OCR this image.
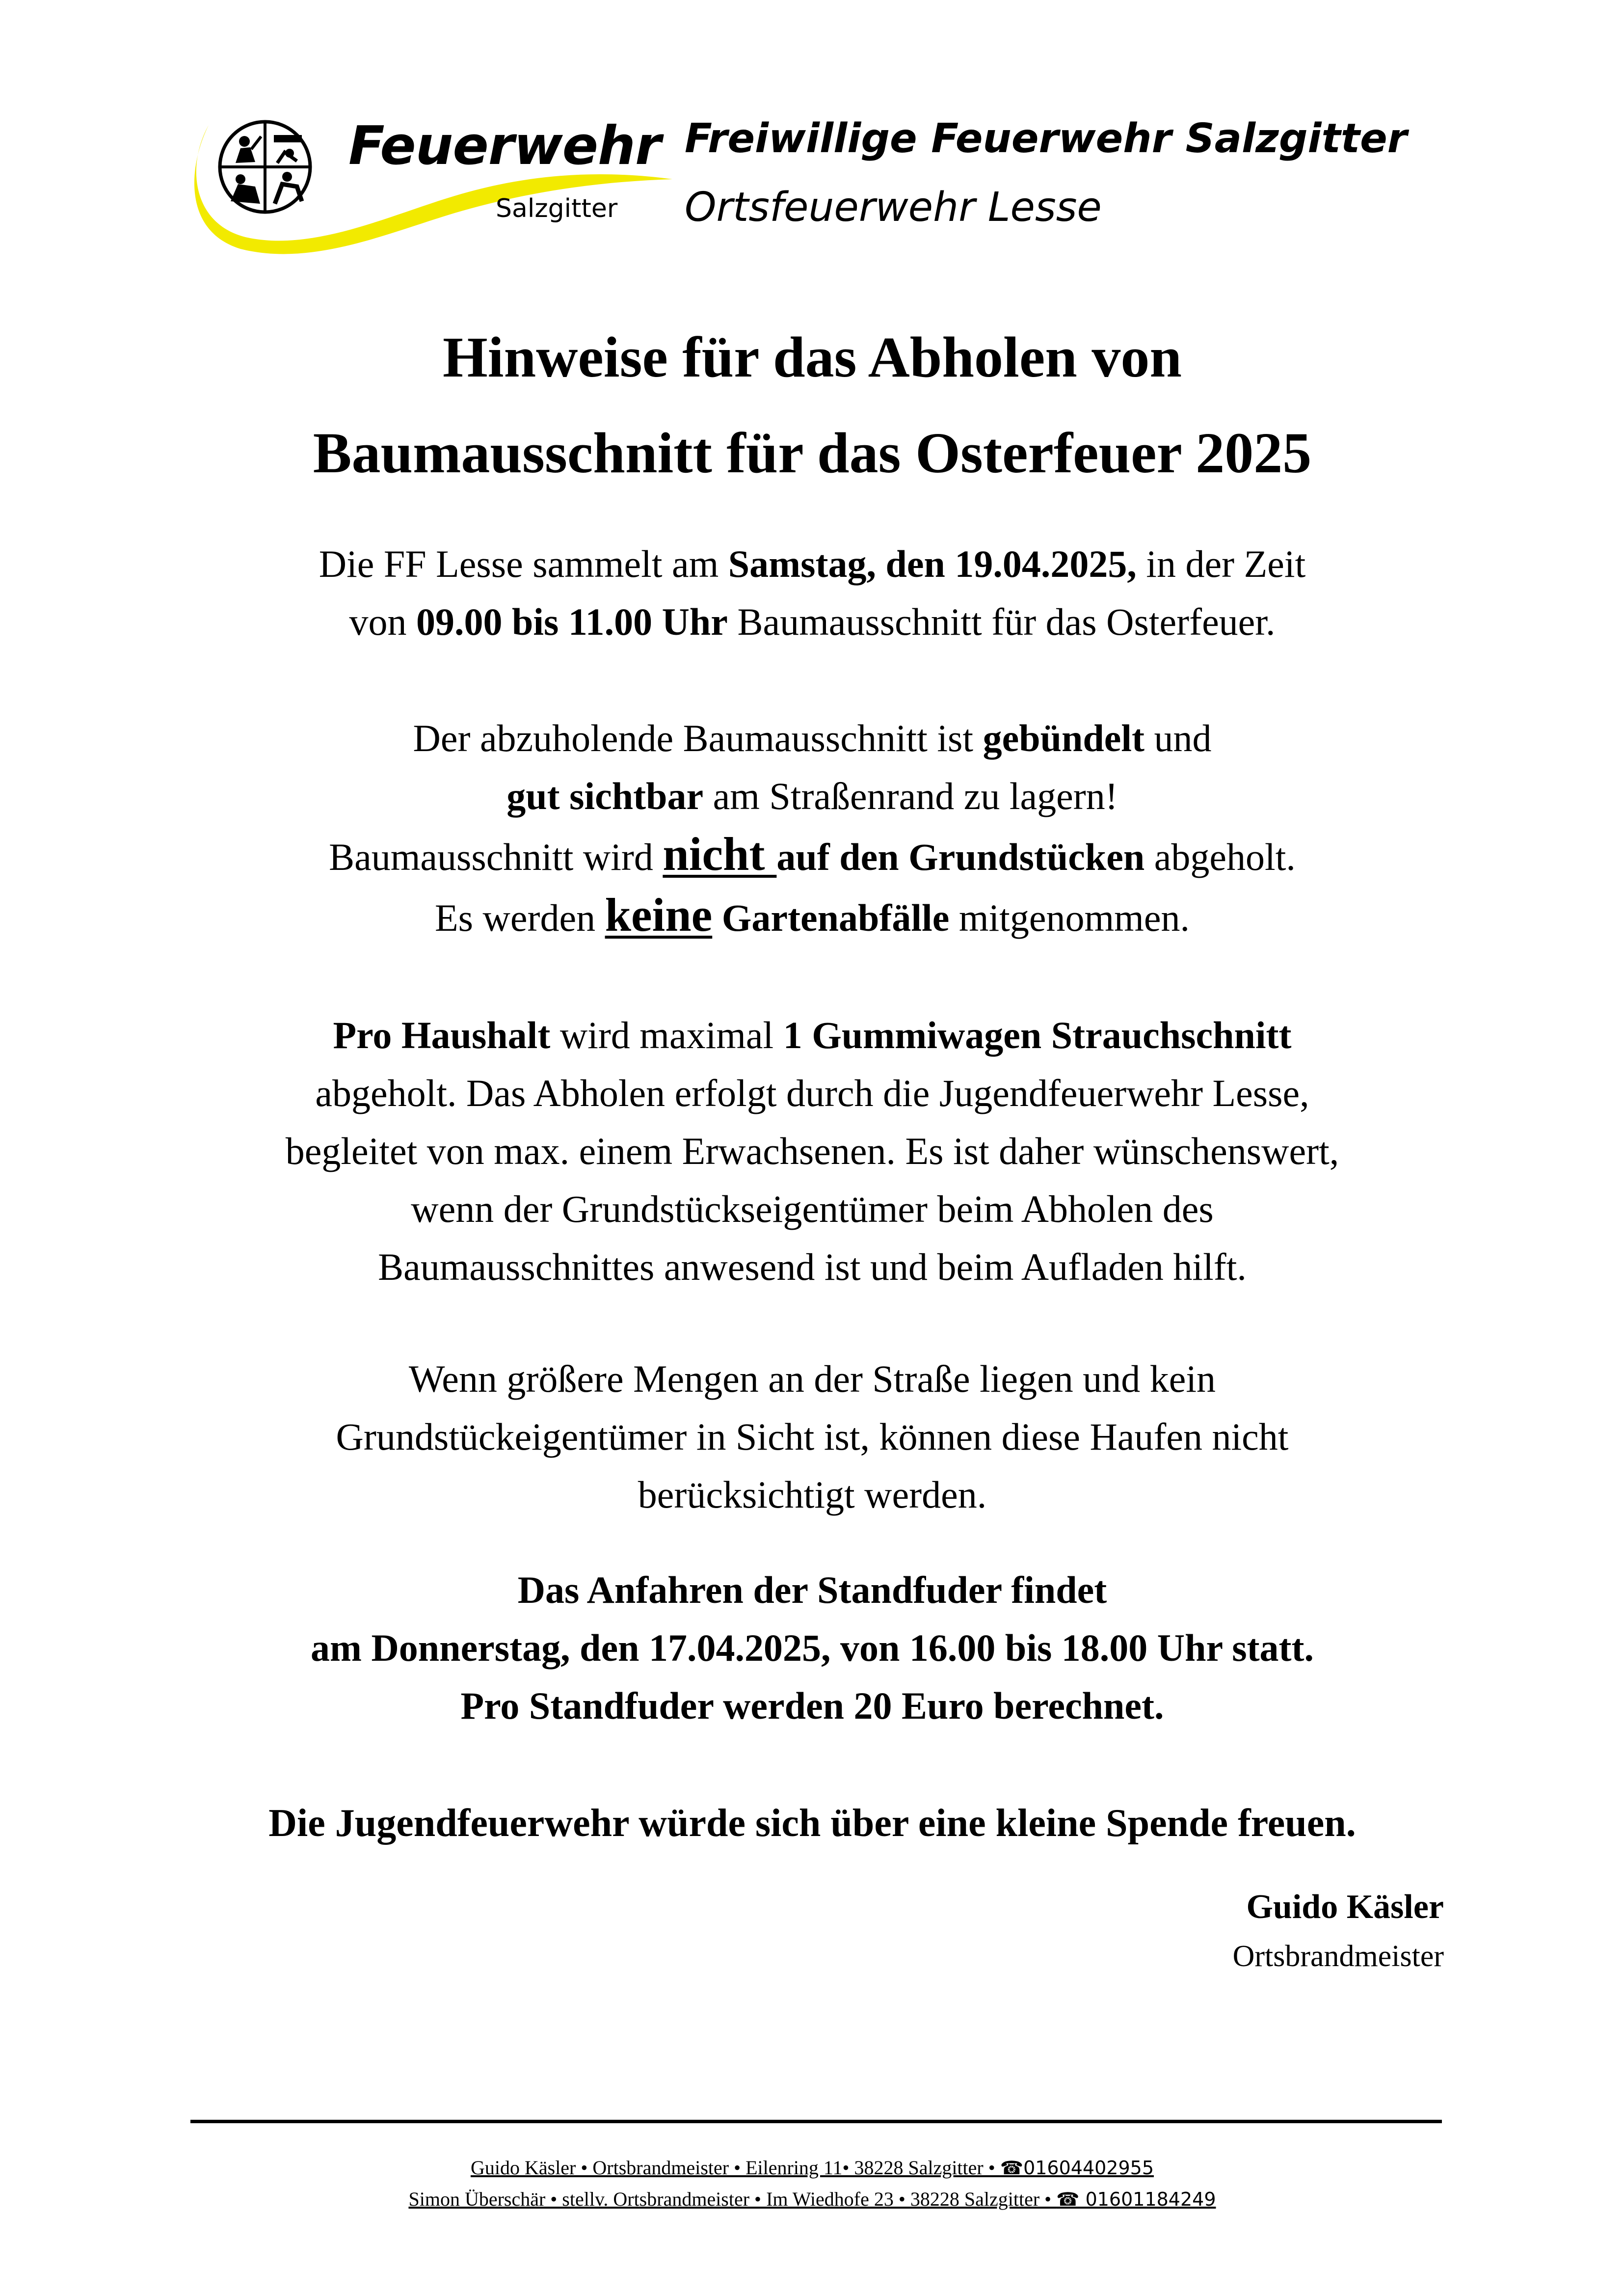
Feuerwehr
Salzgitter
Freiwillige Feuerwehr Salzgitter
Ortsfeuerwehr Lesse
Hinweise für das Abholen von
Baumausschnitt für das Osterfeuer 2025
Die FF Lesse sammelt am Samstag, den 19.04.2025, in der Zeit
von 09.00 bis 11.00 Uhr Baumausschnitt für das Osterfeuer.
Der abzuholende Baumausschnitt ist gebündelt und
gut sichtbar am Straßenrand zu lagern!
Baumausschnitt wird nicht auf den Grundstücken abgeholt.
Es werden keine Gartenabfälle mitgenommen.
Pro Haushalt wird maximal 1 Gummiwagen Strauchschnitt
abgeholt. Das Abholen erfolgt durch die Jugendfeuerwehr Lesse,
begleitet von max. einem Erwachsenen. Es ist daher wünschenswert,
wenn der Grundstückseigentümer beim Abholen des
Baumausschnittes anwesend ist und beim Aufladen hilft.
Wenn größere Mengen an der Straße liegen und kein
Grundstückeigentümer in Sicht ist, können diese Haufen nicht
berücksichtigt werden.
Das Anfahren der Standfuder findet
am Donnerstag, den 17.04.2025, von 16.00 bis 18.00 Uhr statt.
Pro Standfuder werden 20 Euro berechnet.
Die Jugendfeuerwehr würde sich über eine kleine Spende freuen.
Guido Käsler
Ortsbrandmeister
Guido Käsler • Ortsbrandmeister • Eilenring 11• 38228 Salzgitter • ☎01604402955
Simon Überschär • stellv. Ortsbrandmeister • Im Wiedhofe 23 • 38228 Salzgitter • ☎ 01601184249
